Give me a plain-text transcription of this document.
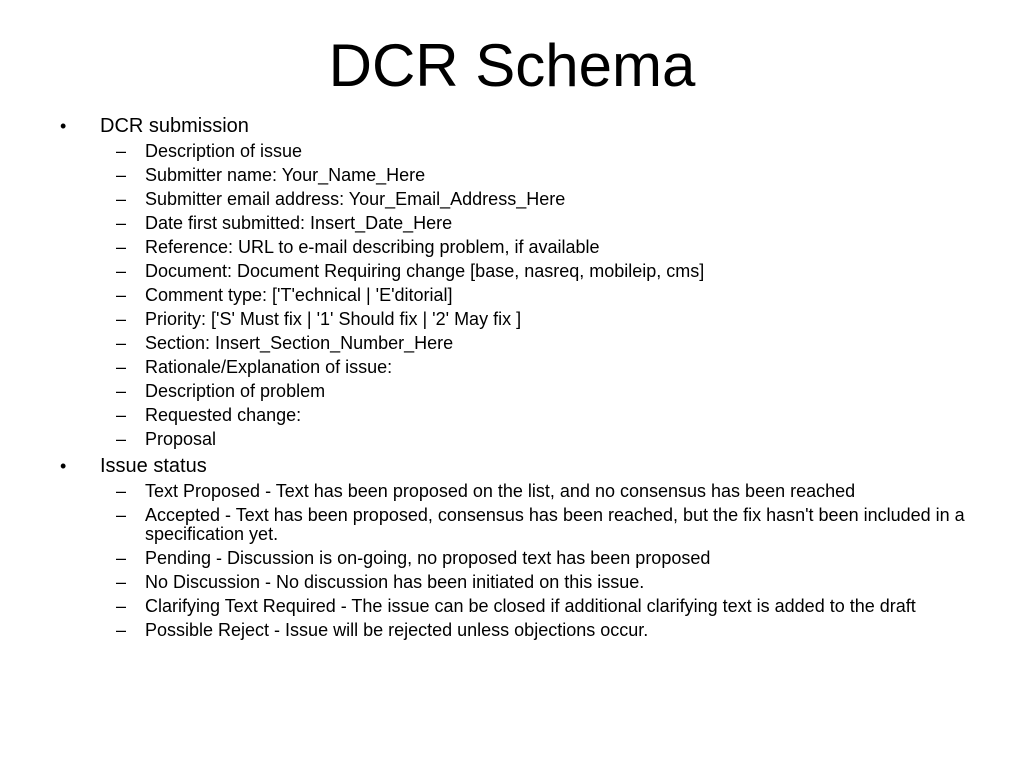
DCR Schema
•	DCR submission
– Description of issue
– Submitter name: Your_Name_Here
– Submitter email address: Your_Email_Address_Here
– Date first submitted: Insert_Date_Here
– Reference: URL to e-mail describing problem, if available
– Document: Document Requiring change [base, nasreq, mobileip, cms]
– Comment type: ['T'echnical | 'E'ditorial]
– Priority: ['S' Must fix | '1' Should fix | '2' May fix ]
– Section: Insert_Section_Number_Here
– Rationale/Explanation of issue:
– Description of problem
– Requested change:
– Proposal
•	Issue status
– Text Proposed - Text has been proposed on the list, and no consensus has been reached
– Accepted - Text has been proposed, consensus has been reached, but the fix hasn't been included in a specification yet.
– Pending - Discussion is on-going, no proposed text has been proposed
– No Discussion - No discussion has been initiated on this issue.
– Clarifying Text Required - The issue can be closed if additional clarifying text is added to the draft
– Possible Reject - Issue will be rejected unless objections occur.
